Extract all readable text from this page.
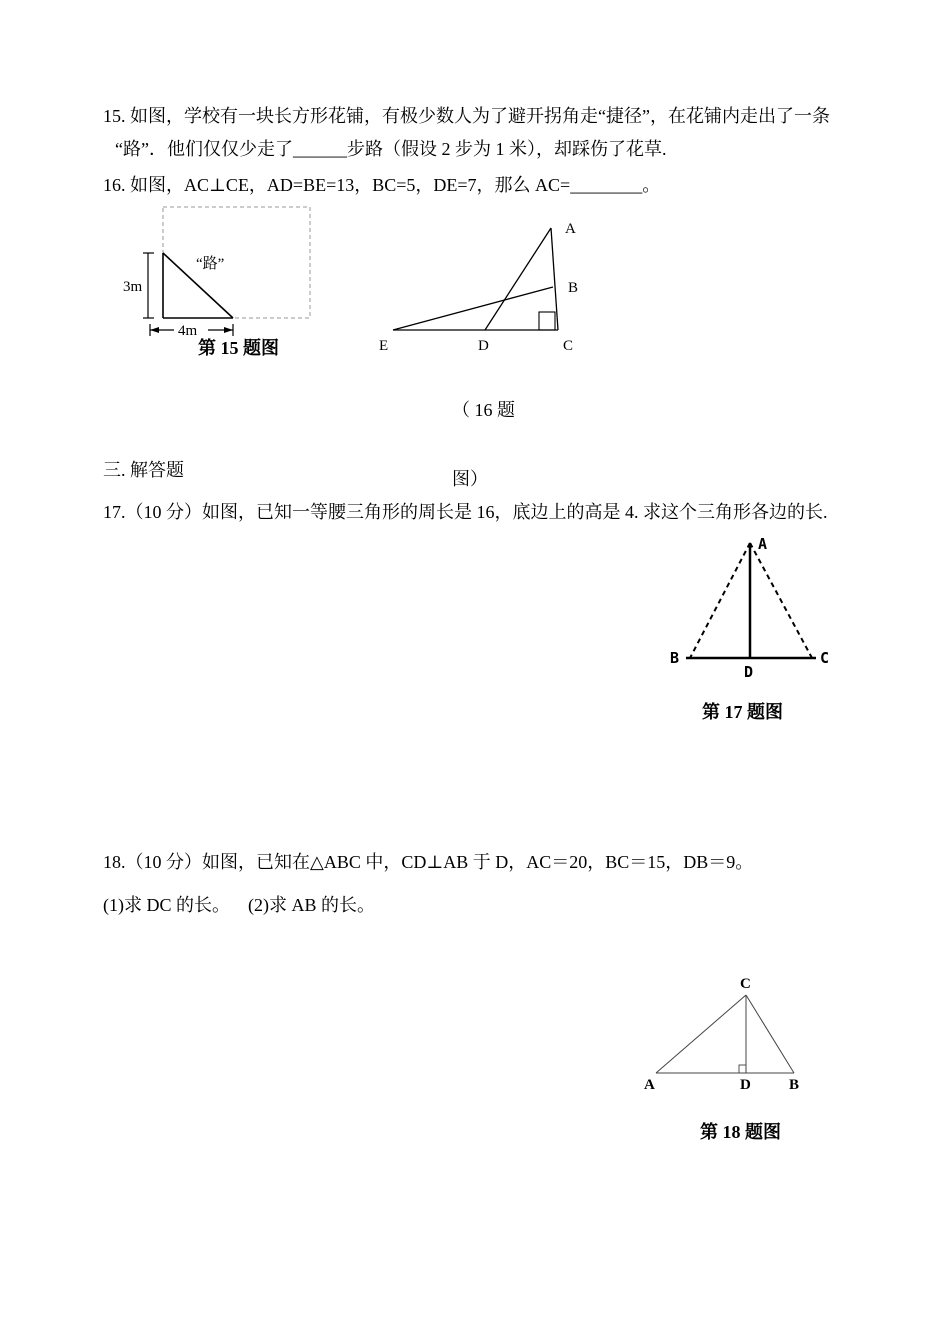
15. 如图，学校有一块长方形花铺，有极少数人为了避开拐角走“捷径”，在花铺内走出了一条
“路”．他们仅仅少走了______步路（假设 2 步为 1 米），却踩伤了花草.
16. 如图，AC⊥CE，AD=BE=13，BC=5，DE=7，那么 AC=________。
3m
4m
“路”
第 15 题图
A
B
C
D
E

（ 16 题

图）

三. 解答题
17.（10 分）如图，已知一等腰三角形的周长是 16，底边上的高是 4. 求这个三角形各边的长.
A
B	C
D
第 17 题图
18.（10 分）如图，已知在△ABC 中，CD⊥AB 于 D，AC＝20，BC＝15，DB＝9。
(1)求 DC 的长。    (2)求 AB 的长。
C
A	D	B
第 18 题图
